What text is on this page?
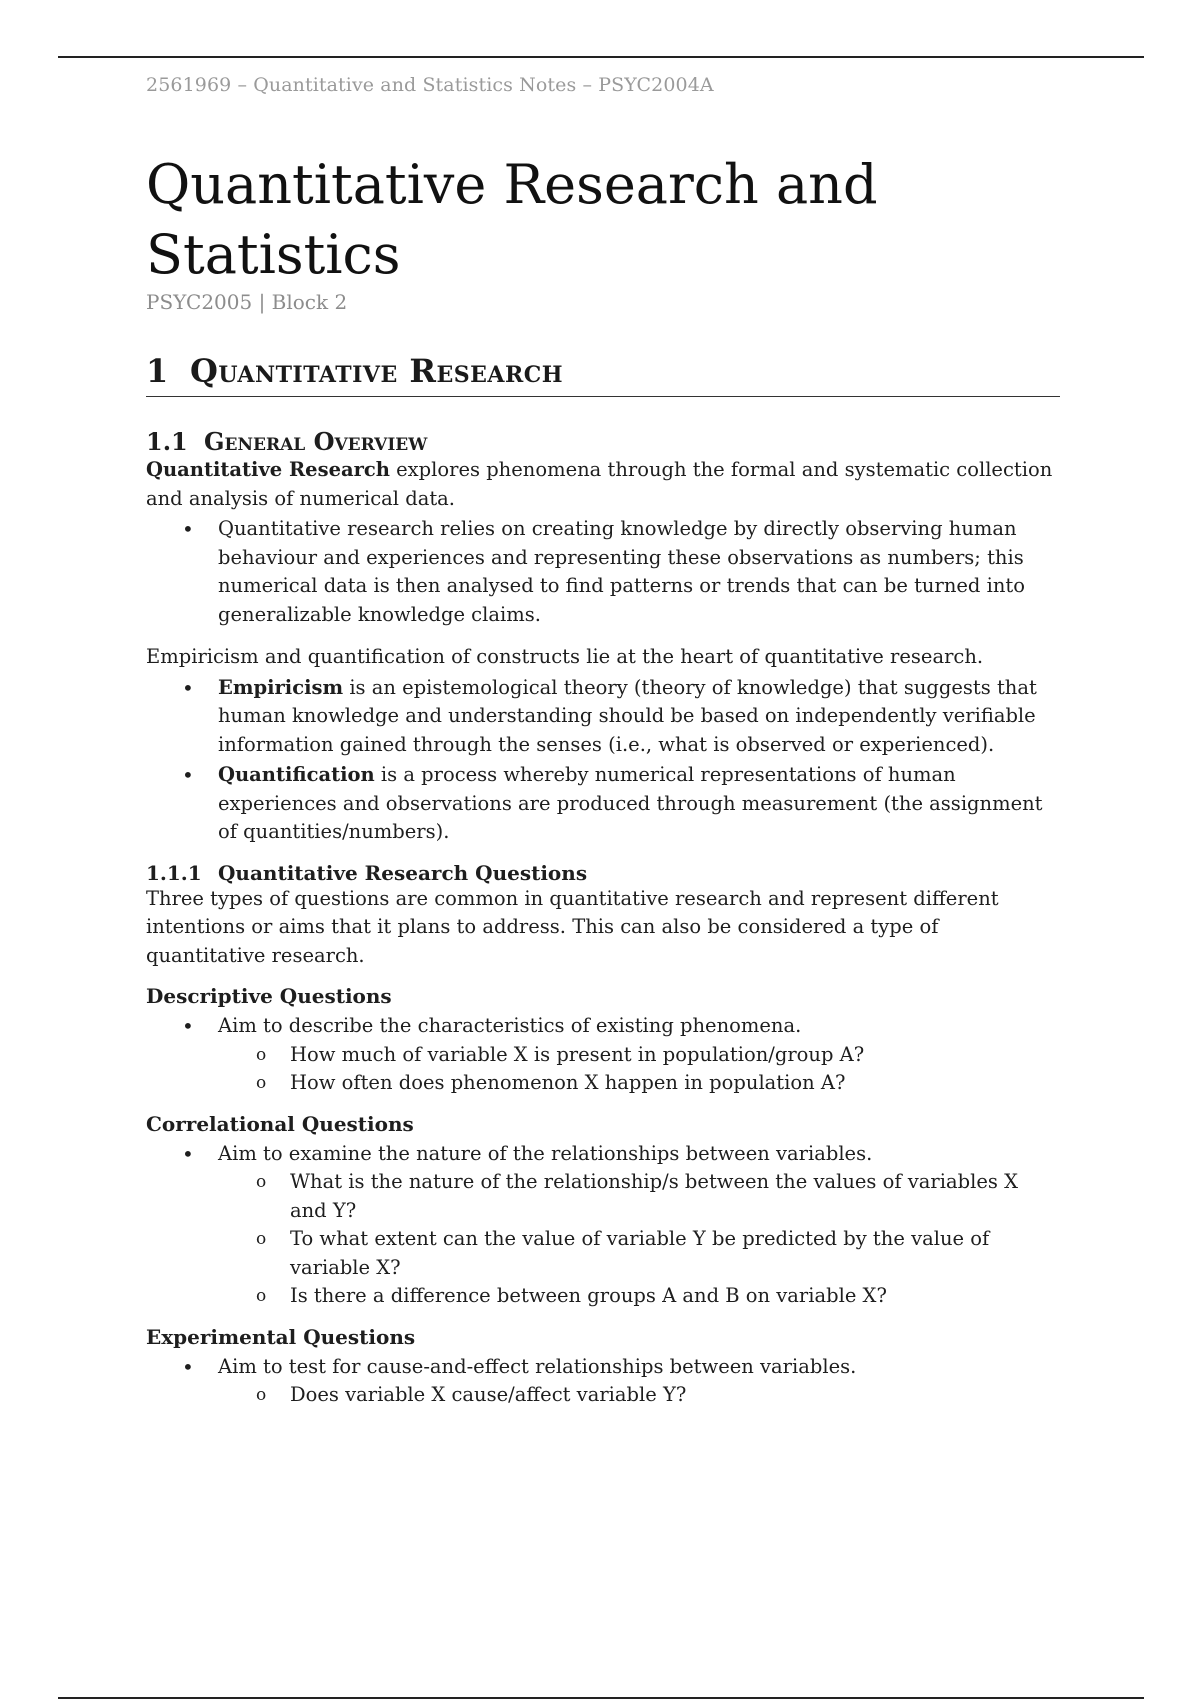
2561969 – Quantitative and Statistics Notes – PSYC2004A
Quantitative Research and
Statistics
PSYC2005 | Block 2
1 Quantitative Research
1.1 General Overview

Quantitative Research explores phenomena through the formal and systematic collection and analysis of numerical data.

• Quantitative research relies on creating knowledge by directly observing human behaviour and experiences and representing these observations as numbers; this numerical data is then analysed to find patterns or trends that can be turned into generalizable knowledge claims.

Empiricism and quantification of constructs lie at the heart of quantitative research.

• Empiricism is an epistemological theory (theory of knowledge) that suggests that human knowledge and understanding should be based on independently verifiable information gained through the senses (i.e., what is observed or experienced).
• Quantification is a process whereby numerical representations of human experiences and observations are produced through measurement (the assignment of quantities/numbers).
1.1.1 Quantitative Research Questions

Three types of questions are common in quantitative research and represent different intentions or aims that it plans to address. This can also be considered a type of quantitative research.

Descriptive Questions
• Aim to describe the characteristics of existing phenomena.
o How much of variable X is present in population/group A?
o How often does phenomenon X happen in population A?
Correlational Questions
• Aim to examine the nature of the relationships between variables.
o What is the nature of the relationship/s between the values of variables X and Y?
o To what extent can the value of variable Y be predicted by the value of variable X?
o Is there a difference between groups A and B on variable X?
Experimental Questions
• Aim to test for cause-and-effect relationships between variables.
o Does variable X cause/affect variable Y?
